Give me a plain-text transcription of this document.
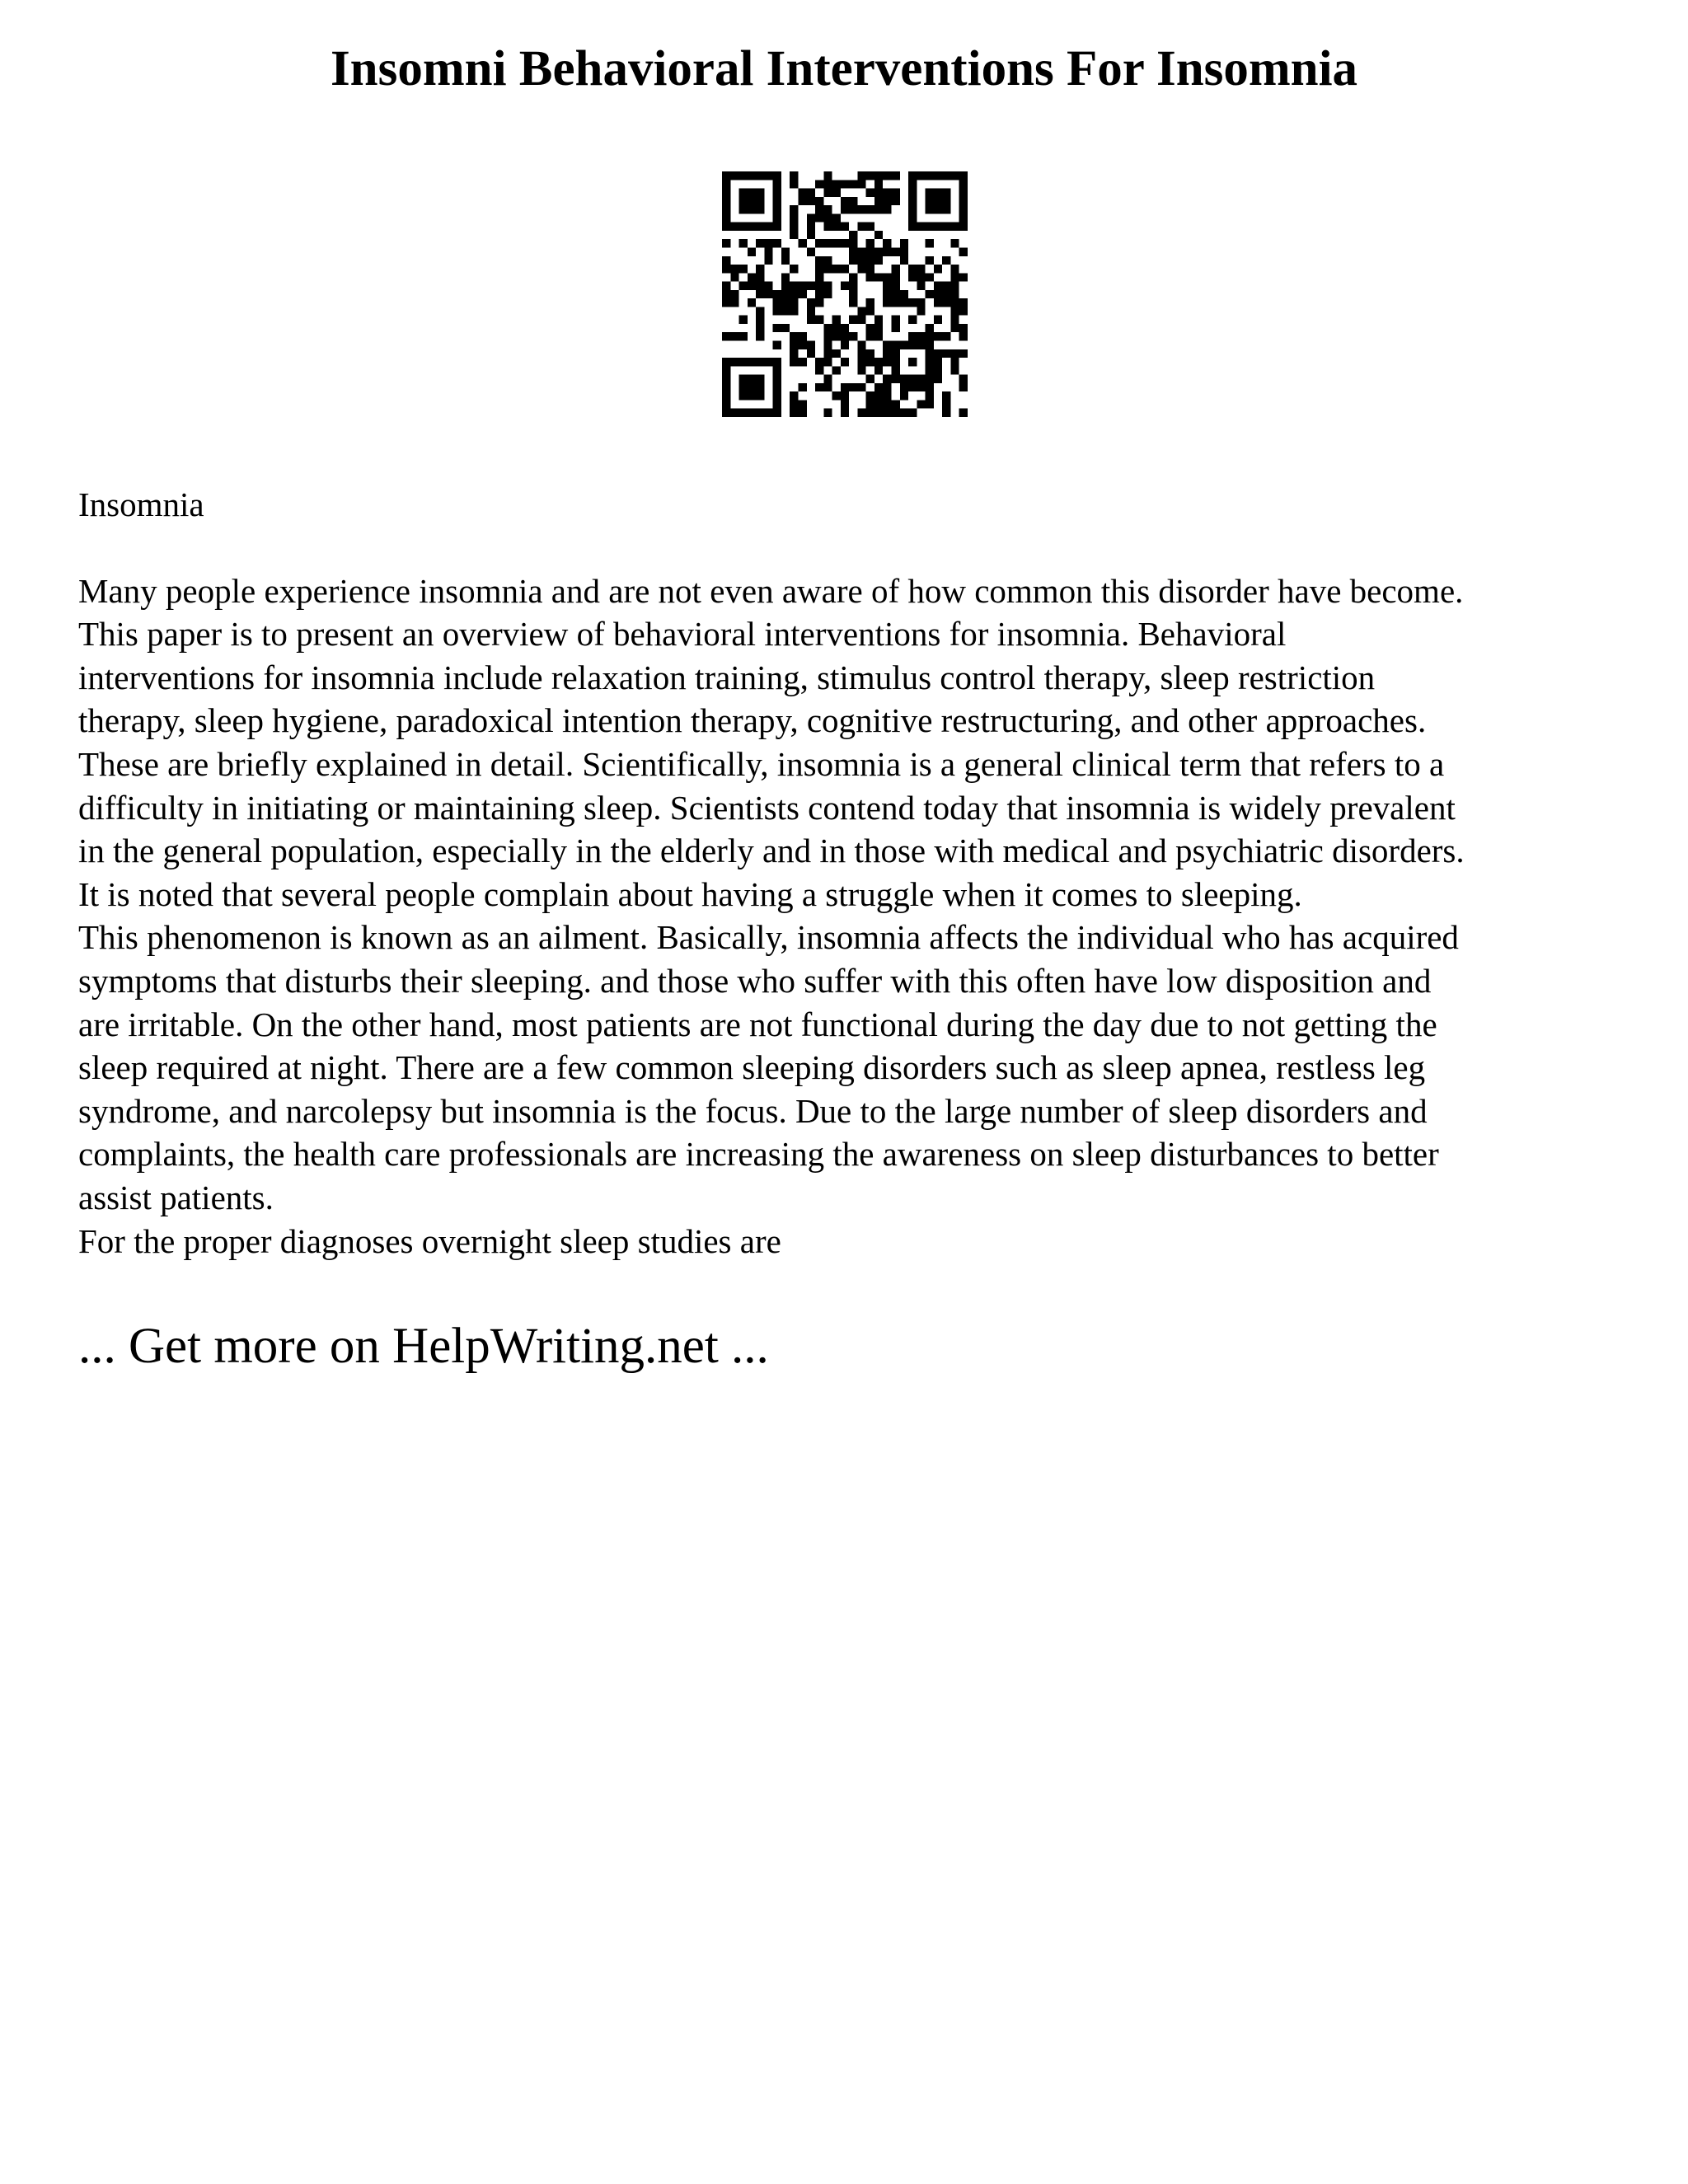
Insomni Behavioral Interventions For Insomnia

Insomnia

Many people experience insomnia and are not even aware of how common this disorder have become.
This paper is to present an overview of behavioral interventions for insomnia. Behavioral
interventions for insomnia include relaxation training, stimulus control therapy, sleep restriction
therapy, sleep hygiene, paradoxical intention therapy, cognitive restructuring, and other approaches.
These are briefly explained in detail. Scientifically, insomnia is a general clinical term that refers to a
difficulty in initiating or maintaining sleep. Scientists contend today that insomnia is widely prevalent
in the general population, especially in the elderly and in those with medical and psychiatric disorders.
It is noted that several people complain about having a struggle when it comes to sleeping.
This phenomenon is known as an ailment. Basically, insomnia affects the individual who has acquired
symptoms that disturbs their sleeping. and those who suffer with this often have low disposition and
are irritable. On the other hand, most patients are not functional during the day due to not getting the
sleep required at night. There are a few common sleeping disorders such as sleep apnea, restless leg
syndrome, and narcolepsy but insomnia is the focus. Due to the large number of sleep disorders and
complaints, the health care professionals are increasing the awareness on sleep disturbances to better
assist patients.
For the proper diagnoses overnight sleep studies are

... Get more on HelpWriting.net ...
